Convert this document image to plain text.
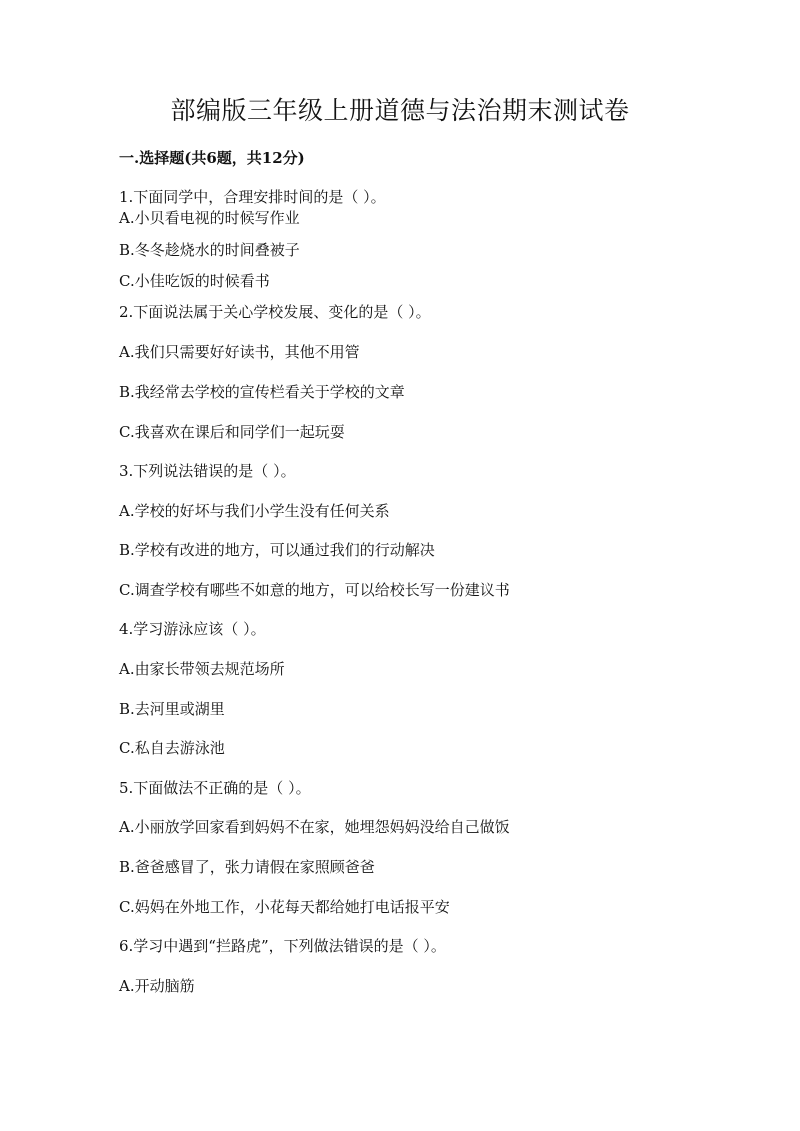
部编版三年级上册道德与法治期末测试卷
一.选择题(共6题，共12分)
1.下面同学中，合理安排时间的是（ ）。
A.小贝看电视的时候写作业
B.冬冬趁烧水的时间叠被子
C.小佳吃饭的时候看书
2.下面说法属于关心学校发展、变化的是（ ）。
A.我们只需要好好读书，其他不用管
B.我经常去学校的宣传栏看关于学校的文章
C.我喜欢在课后和同学们一起玩耍
3.下列说法错误的是（ ）。
A.学校的好坏与我们小学生没有任何关系
B.学校有改进的地方，可以通过我们的行动解决
C.调查学校有哪些不如意的地方，可以给校长写一份建议书
4.学习游泳应该（ ）。
A.由家长带领去规范场所
B.去河里或湖里
C.私自去游泳池
5.下面做法不正确的是（ ）。
A.小丽放学回家看到妈妈不在家，她埋怨妈妈没给自己做饭
B.爸爸感冒了，张力请假在家照顾爸爸
C.妈妈在外地工作，小花每天都给她打电话报平安
6.学习中遇到“拦路虎”，下列做法错误的是（ ）。
A.开动脑筋
